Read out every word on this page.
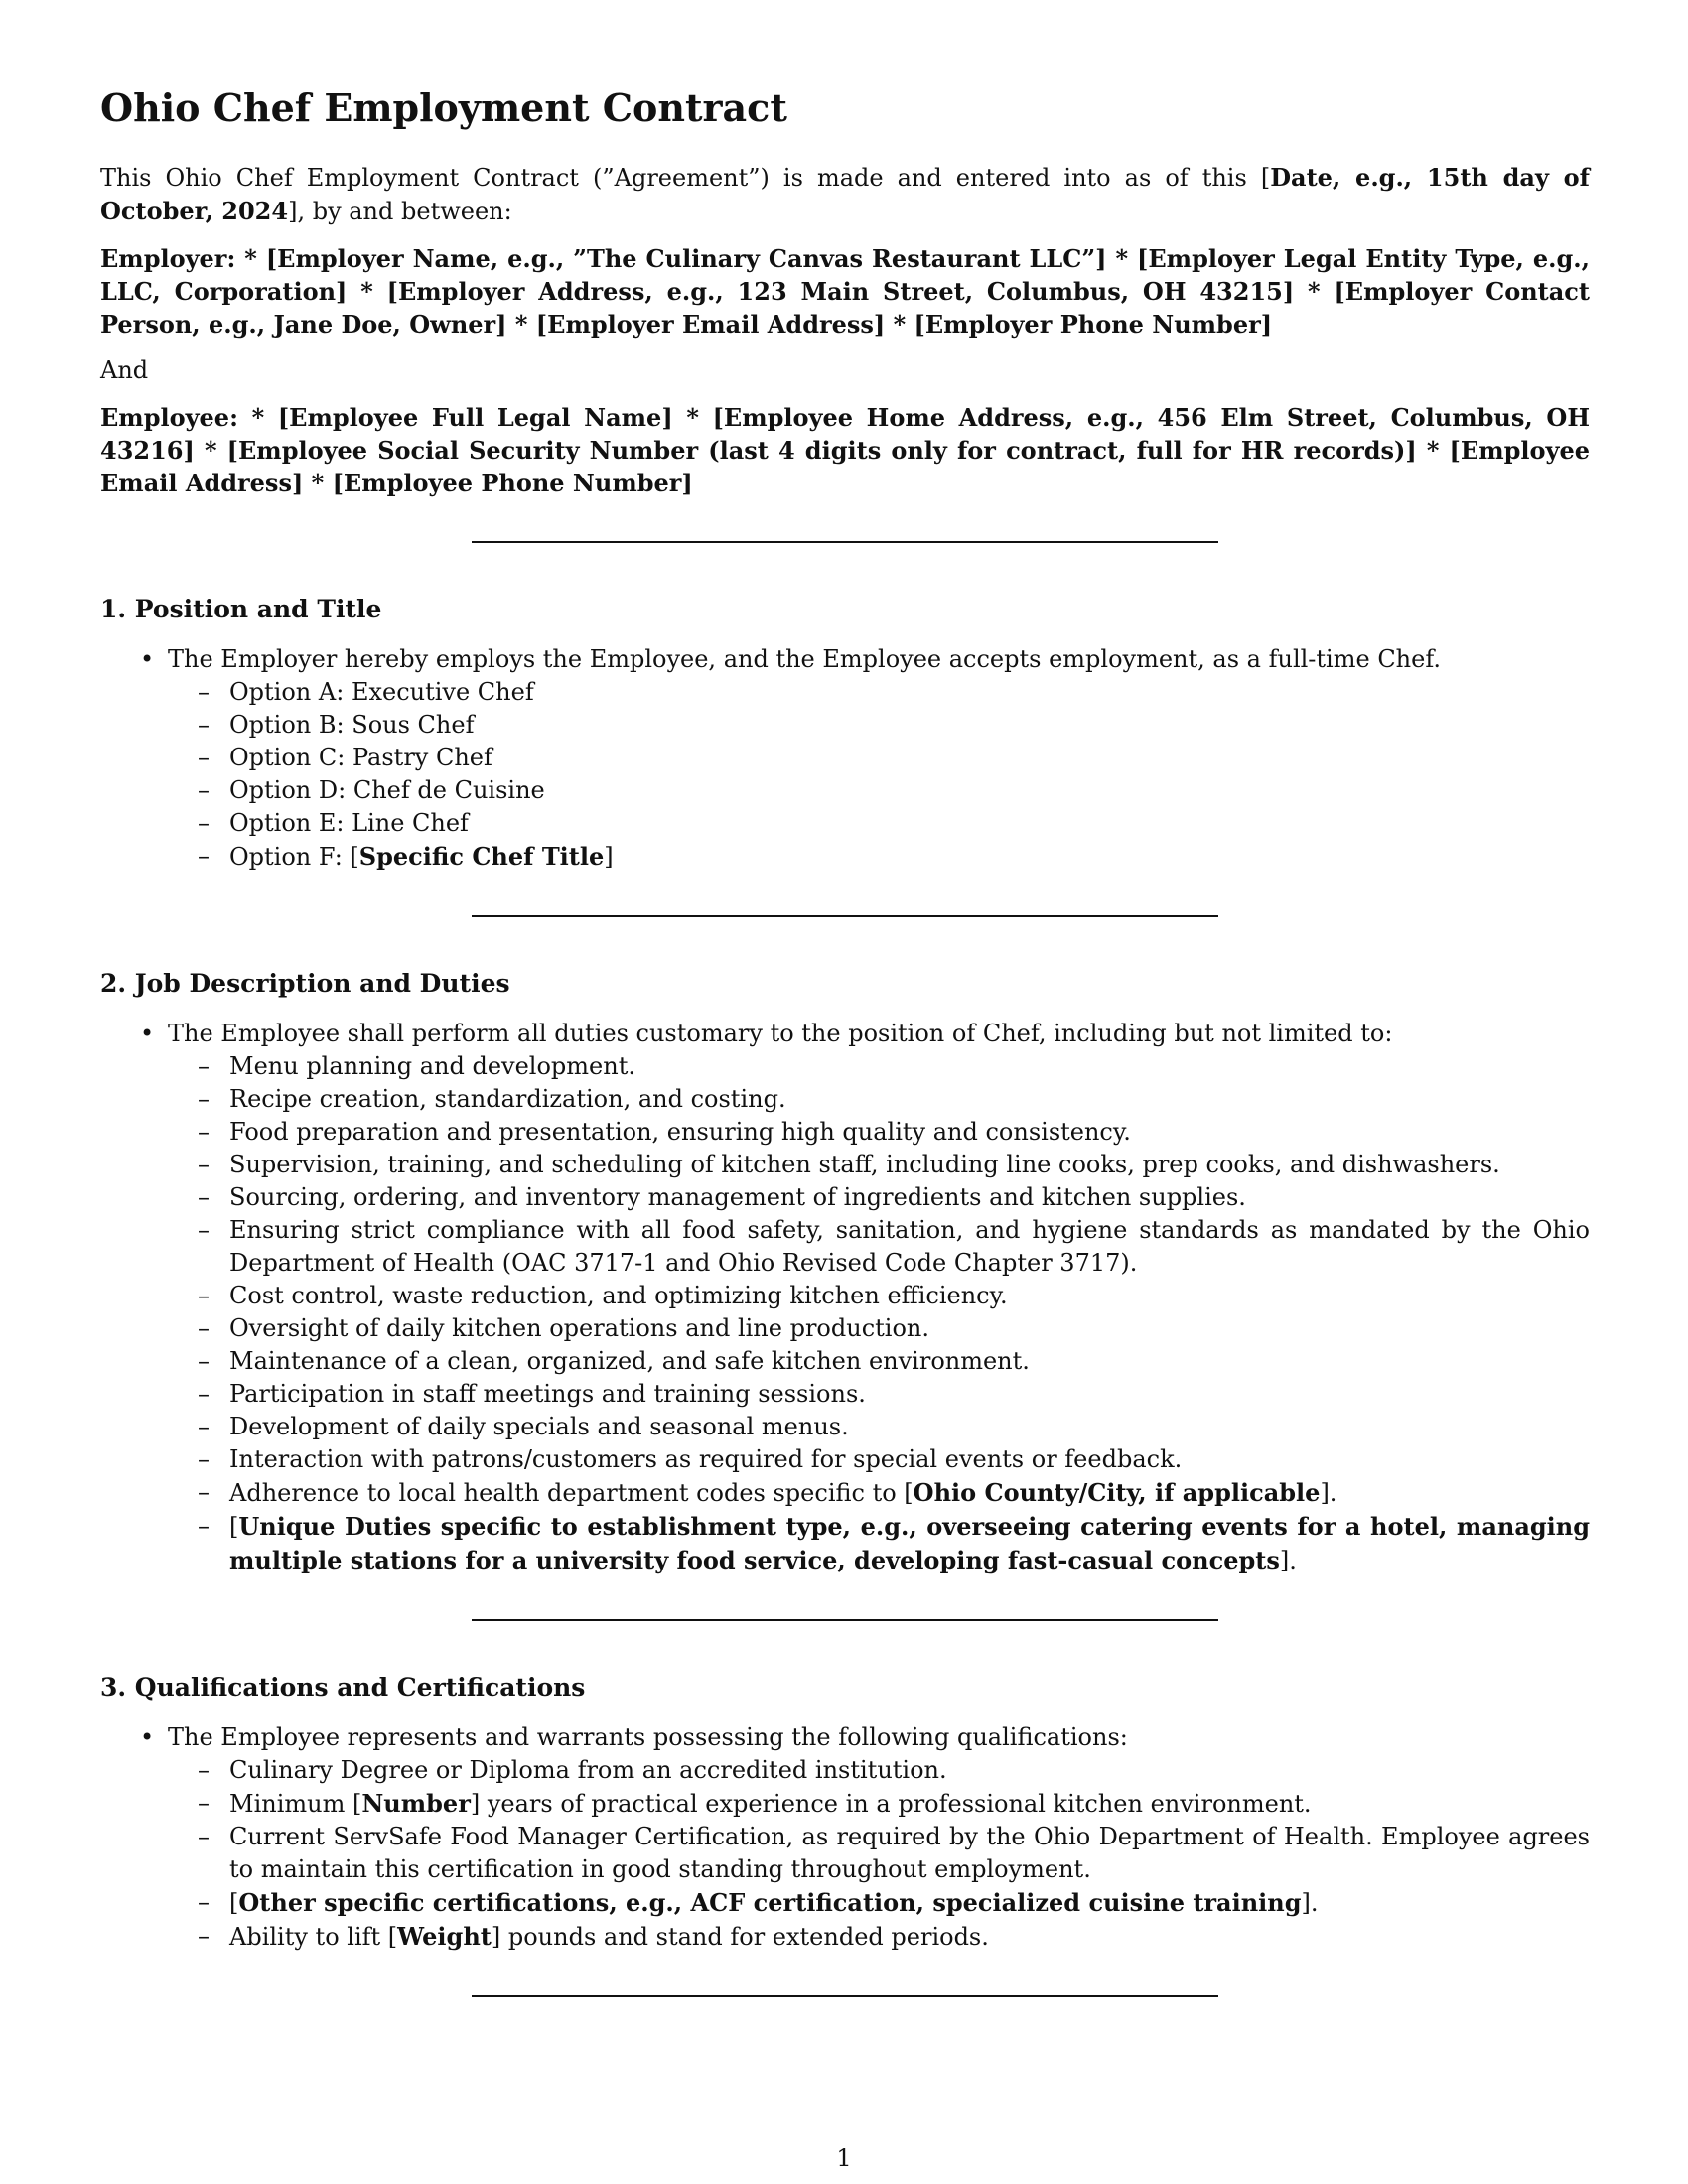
Ohio Chef Employment Contract

This Ohio Chef Employment Contract (”Agreement”) is made and entered into as of this [Date, e.g., 15th day of October, 2024], by and between:

Employer: * [Employer Name, e.g., ”The Culinary Canvas Restaurant LLC”] * [Employer Legal Entity Type, e.g., LLC, Corporation] * [Employer Address, e.g., 123 Main Street, Columbus, OH 43215] * [Employer Contact Person, e.g., Jane Doe, Owner] * [Employer Email Address] * [Employer Phone Number]

And

Employee: * [Employee Full Legal Name] * [Employee Home Address, e.g., 456 Elm Street, Columbus, OH 43216] * [Employee Social Security Number (last 4 digits only for contract, full for HR records)] * [Employee Email Address] * [Employee Phone Number]

1. Position and Title
• The Employer hereby employs the Employee, and the Employee accepts employment, as a full-time Chef.
– Option A: Executive Chef
– Option B: Sous Chef
– Option C: Pastry Chef
– Option D: Chef de Cuisine
– Option E: Line Chef
– Option F: [Specific Chef Title]
2. Job Description and Duties
• The Employee shall perform all duties customary to the position of Chef, including but not limited to:
– Menu planning and development.
– Recipe creation, standardization, and costing.
– Food preparation and presentation, ensuring high quality and consistency.
– Supervision, training, and scheduling of kitchen staff, including line cooks, prep cooks, and dishwashers.
– Sourcing, ordering, and inventory management of ingredients and kitchen supplies.
– Ensuring strict compliance with all food safety, sanitation, and hygiene standards as mandated by the Ohio Department of Health (OAC 3717-1 and Ohio Revised Code Chapter 3717).
– Cost control, waste reduction, and optimizing kitchen efficiency.
– Oversight of daily kitchen operations and line production.
– Maintenance of a clean, organized, and safe kitchen environment.
– Participation in staff meetings and training sessions.
– Development of daily specials and seasonal menus.
– Interaction with patrons/customers as required for special events or feedback.
– Adherence to local health department codes specific to [Ohio County/City, if applicable].
– [Unique Duties specific to establishment type, e.g., overseeing catering events for a hotel, managing multiple stations for a university food service, developing fast-casual concepts].
3. Qualifications and Certifications
• The Employee represents and warrants possessing the following qualifications:
– Culinary Degree or Diploma from an accredited institution.
– Minimum [Number] years of practical experience in a professional kitchen environment.
– Current ServSafe Food Manager Certification, as required by the Ohio Department of Health. Employee agrees to maintain this certification in good standing throughout employment.
– [Other specific certifications, e.g., ACF certification, specialized cuisine training].
– Ability to lift [Weight] pounds and stand for extended periods.
1
